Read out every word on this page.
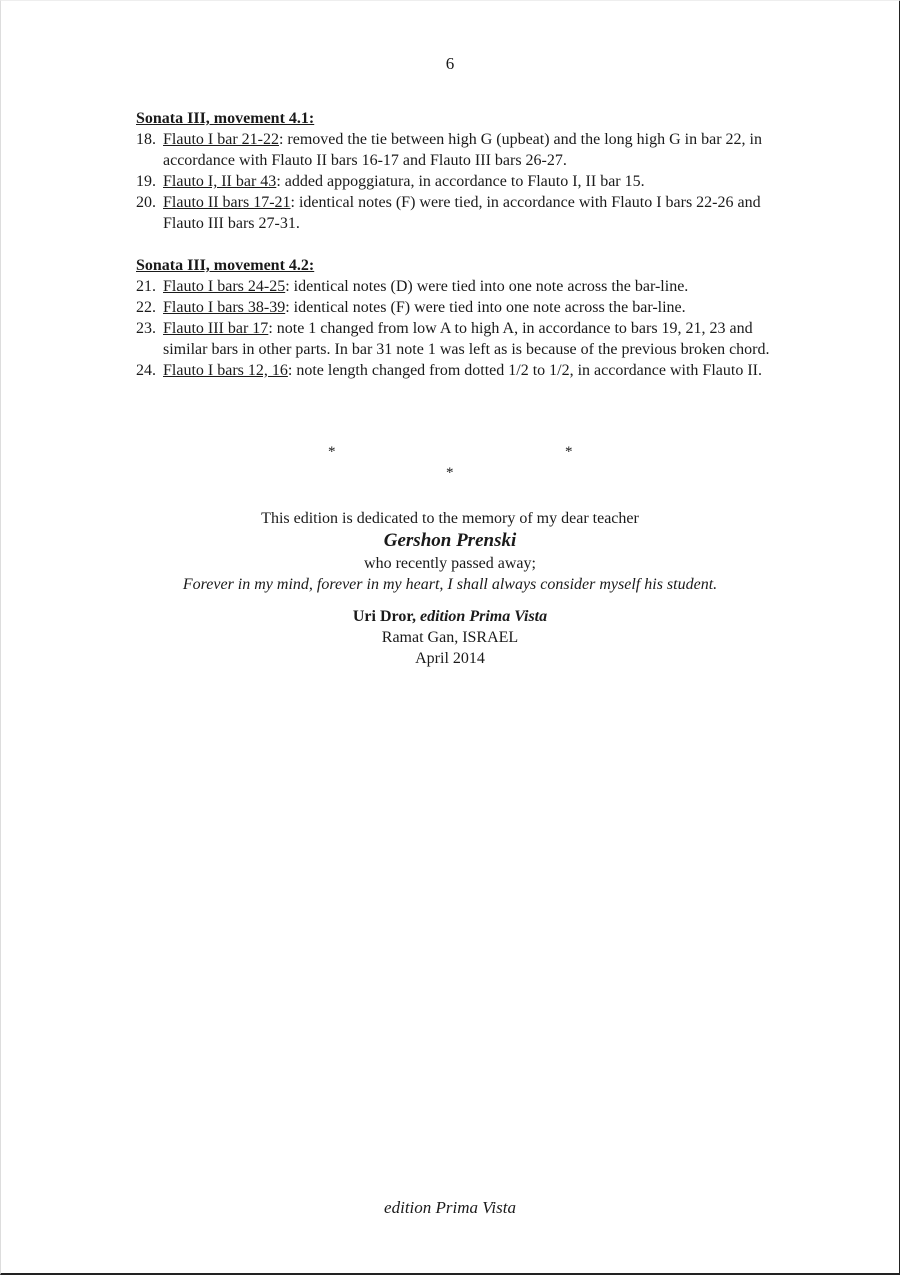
6

Sonata III, movement 4.1:

18. Flauto I bar 21-22: removed the tie between high G (upbeat) and the long high G in bar 22, in accordance with Flauto II bars 16-17 and Flauto III bars 26-27.
19. Flauto I, II bar 43: added appoggiatura, in accordance to Flauto I, II bar 15.
20. Flauto II bars 17-21: identical notes (F) were tied, in accordance with Flauto I bars 22-26 and Flauto III bars 27-31.

Sonata III, movement 4.2:

21. Flauto I bars 24-25: identical notes (D) were tied into one note across the bar-line.
22. Flauto I bars 38-39: identical notes (F) were tied into one note across the bar-line.
23. Flauto III bar 17: note 1 changed from low A to high A, in accordance to bars 19, 21, 23 and similar bars in other parts. In bar 31 note 1 was left as is because of the previous broken chord.
24. Flauto I bars 12, 16: note length changed from dotted 1/2 to 1/2, in accordance with Flauto II.
*	*
*
This edition is dedicated to the memory of my dear teacher
Gershon Prenski
who recently passed away;
Forever in my mind, forever in my heart, I shall always consider myself his student.
Uri Dror, edition Prima Vista
Ramat Gan, ISRAEL
April 2014
edition Prima Vista
